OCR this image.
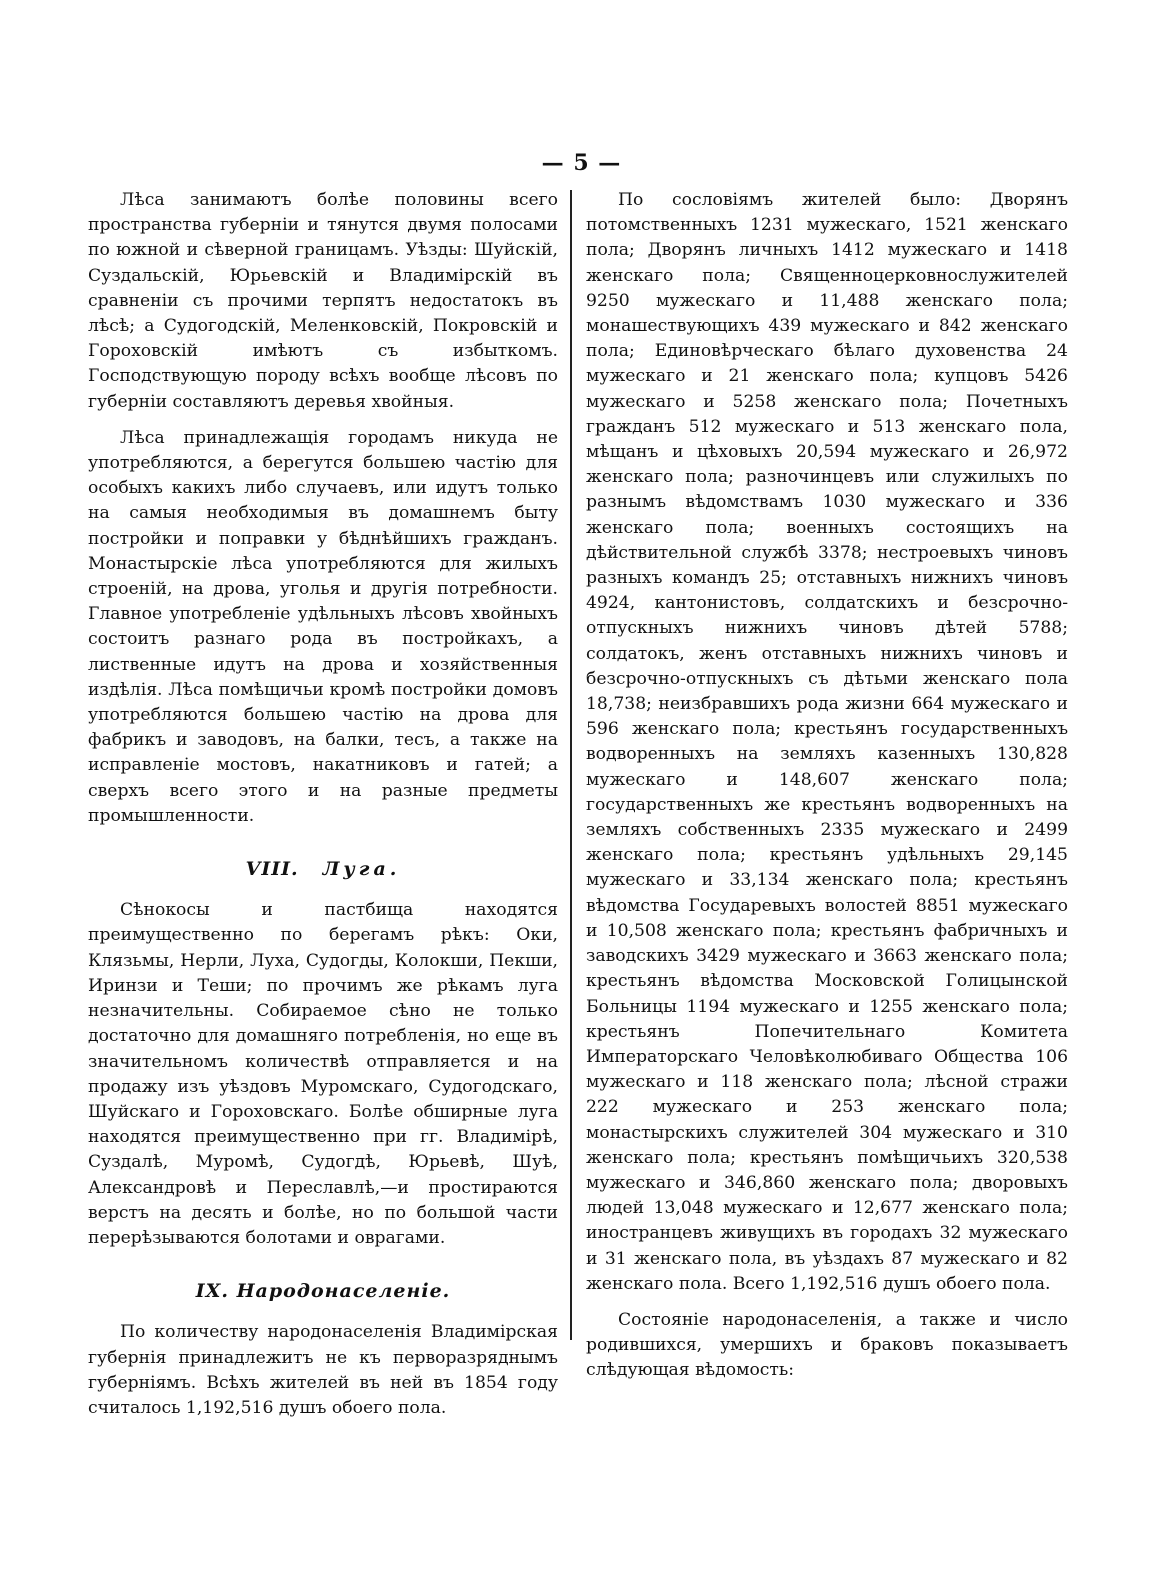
— 5 —

Лѣса занимаютъ болѣе половины всего пространства губерніи и тянутся двумя полосами по южной и сѣверной границамъ. Уѣзды: Шуйскій, Суздальскій, Юрьевскій и Владимірскій въ сравненіи съ прочими терпятъ недостатокъ въ лѣсѣ; а Судогодскій, Меленковскій, Покровскій и Гороховскій имѣютъ съ избыткомъ. Господствующую породу всѣхъ вообще лѣсовъ по губерніи составляютъ деревья хвойныя.

Лѣса принадлежащія городамъ никуда не употребляются, а берегутся большею частію для особыхъ какихъ либо случаевъ, или идутъ только на самыя необходимыя въ домашнемъ быту постройки и поправки у бѣднѣйшихъ гражданъ. Монастырскіе лѣса употребляются для жилыхъ строеній, на дрова, уголья и другія потребности. Главное употребленіе удѣльныхъ лѣсовъ хвойныхъ состоитъ разнаго рода въ постройкахъ, а лиственные идутъ на дрова и хозяйственныя издѣлія. Лѣса помѣщичьи кромѣ постройки домовъ употребляются большею частію на дрова для фабрикъ и заводовъ, на балки, тесъ, а также на исправленіе мостовъ, накатниковъ и гатей; а сверхъ всего этого и на разные предметы промышленности.

VIII. Луга.

Сѣнокосы и пастбища находятся преимущественно по берегамъ рѣкъ: Оки, Клязьмы, Нерли, Луха, Судогды, Колокши, Пекши, Иринзи и Теши; по прочимъ же рѣкамъ луга незначительны. Собираемое сѣно не только достаточно для домашняго потребленія, но еще въ значительномъ количествѣ отправляется и на продажу изъ уѣздовъ Муромскаго, Судогодскаго, Шуйскаго и Гороховскаго. Болѣе обширные луга находятся преимущественно при гг. Владимірѣ, Суздалѣ, Муромѣ, Судогдѣ, Юрьевѣ, Шуѣ, Александровѣ и Переславлѣ,—и простираются верстъ на десять и болѣе, но по большой части перерѣзываются болотами и оврагами.

IX. Народонаселеніе.

По количеству народонаселенія Владимірская губернія принадлежитъ не къ перворазряднымъ губерніямъ. Всѣхъ жителей въ ней въ 1854 году считалось 1,192,516 душъ обоего пола.

По сословіямъ жителей было: Дворянъ потомственныхъ 1231 мужескаго, 1521 женскаго пола; Дворянъ личныхъ 1412 мужескаго и 1418 женскаго пола; Священноцерковнослужителей 9250 мужескаго и 11,488 женскаго пола; монашествующихъ 439 мужескаго и 842 женскаго пола; Единовѣрческаго бѣлаго духовенства 24 мужескаго и 21 женскаго пола; купцовъ 5426 мужескаго и 5258 женскаго пола; Почетныхъ гражданъ 512 мужескаго и 513 женскаго пола, мѣщанъ и цѣховыхъ 20,594 мужескаго и 26,972 женскаго пола; разночинцевъ или служилыхъ по разнымъ вѣдомствамъ 1030 мужескаго и 336 женскаго пола; военныхъ состоящихъ на дѣйствительной службѣ 3378; нестроевыхъ чиновъ разныхъ командъ 25; отставныхъ нижнихъ чиновъ 4924, кантонистовъ, солдатскихъ и безсрочно-отпускныхъ нижнихъ чиновъ дѣтей 5788; солдатокъ, женъ отставныхъ нижнихъ чиновъ и безсрочно-отпускныхъ съ дѣтьми женскаго пола 18,738; неизбравшихъ рода жизни 664 мужескаго и 596 женскаго пола; крестьянъ государственныхъ водворенныхъ на земляхъ казенныхъ 130,828 мужескаго и 148,607 женскаго пола; государственныхъ же крестьянъ водворенныхъ на земляхъ собственныхъ 2335 мужескаго и 2499 женскаго пола; крестьянъ удѣльныхъ 29,145 мужескаго и 33,134 женскаго пола; крестьянъ вѣдомства Государевыхъ волостей 8851 мужескаго и 10,508 женскаго пола; крестьянъ фабричныхъ и заводскихъ 3429 мужескаго и 3663 женскаго пола; крестьянъ вѣдомства Московской Голицынской Больницы 1194 мужескаго и 1255 женскаго пола; крестьянъ Попечительнаго Комитета Императорскаго Человѣколюбиваго Общества 106 мужескаго и 118 женскаго пола; лѣсной стражи 222 мужескаго и 253 женскаго пола; монастырскихъ служителей 304 мужескаго и 310 женскаго пола; крестьянъ помѣщичьихъ 320,538 мужескаго и 346,860 женскаго пола; дворовыхъ людей 13,048 мужескаго и 12,677 женскаго пола; иностранцевъ живущихъ въ городахъ 32 мужескаго и 31 женскаго пола, въ уѣздахъ 87 мужескаго и 82 женскаго пола. Всего 1,192,516 душъ обоего пола.

Состояніе народонаселенія, а также и число родившихся, умершихъ и браковъ показываетъ слѣдующая вѣдомость:
